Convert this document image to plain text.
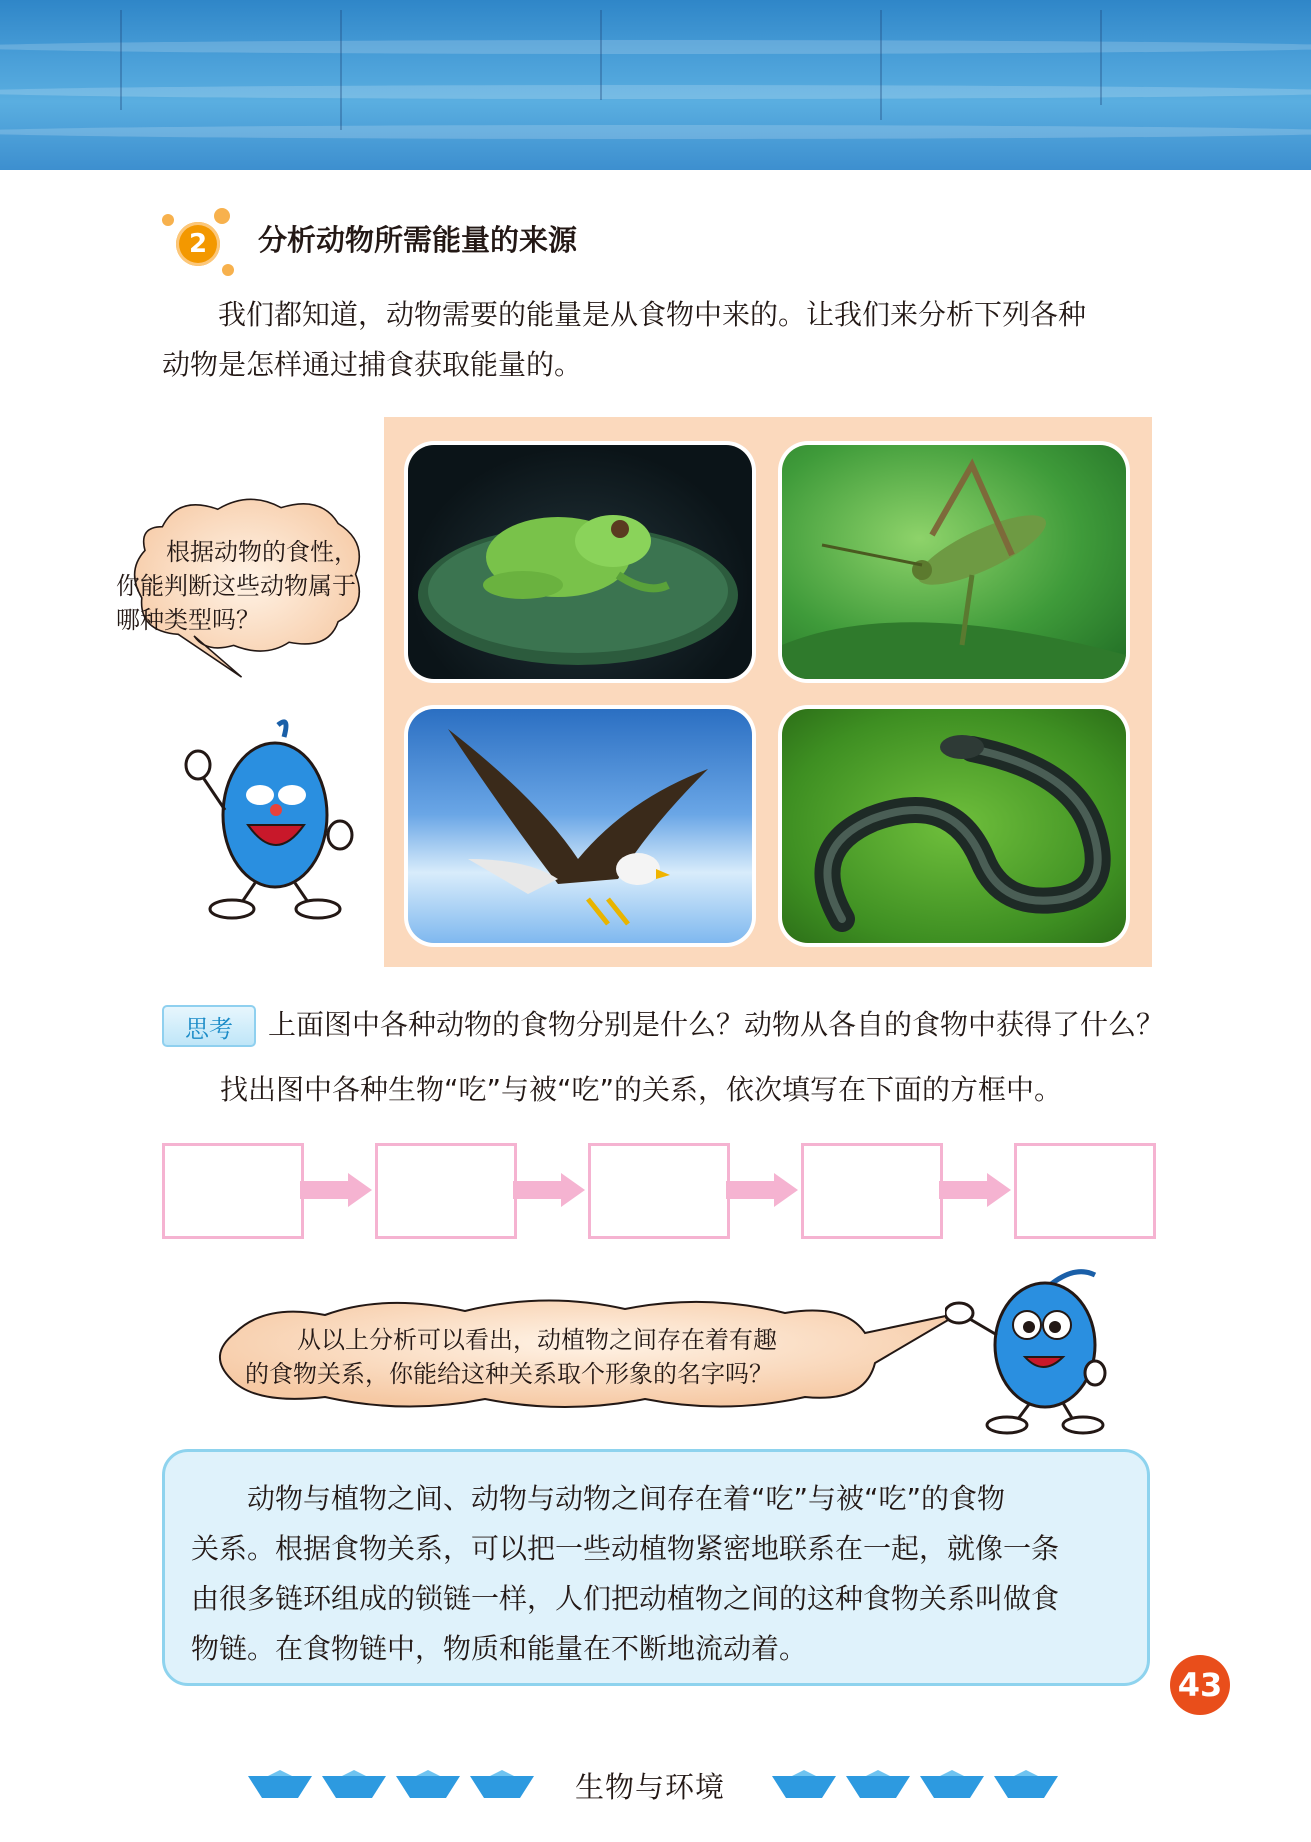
2	分析动物所需能量的来源
我们都知道，动物需要的能量是从食物中来的。让我们来分析下列各种
动物是怎样通过捕食获取能量的。
根据动物的食性，
你能判断这些动物属于
哪种类型吗？
思考	上面图中各种动物的食物分别是什么？动物从各自的食物中获得了什么？
找出图中各种生物“吃”与被“吃”的关系，依次填写在下面的方框中。
从以上分析可以看出，动植物之间存在着有趣
的食物关系，你能给这种关系取个形象的名字吗？
动物与植物之间、动物与动物之间存在着“吃”与被“吃”的食物
关系。根据食物关系，可以把一些动植物紧密地联系在一起，就像一条
由很多链环组成的锁链一样，人们把动植物之间的这种食物关系叫做食
物链。在食物链中，物质和能量在不断地流动着。
43
生物与环境
